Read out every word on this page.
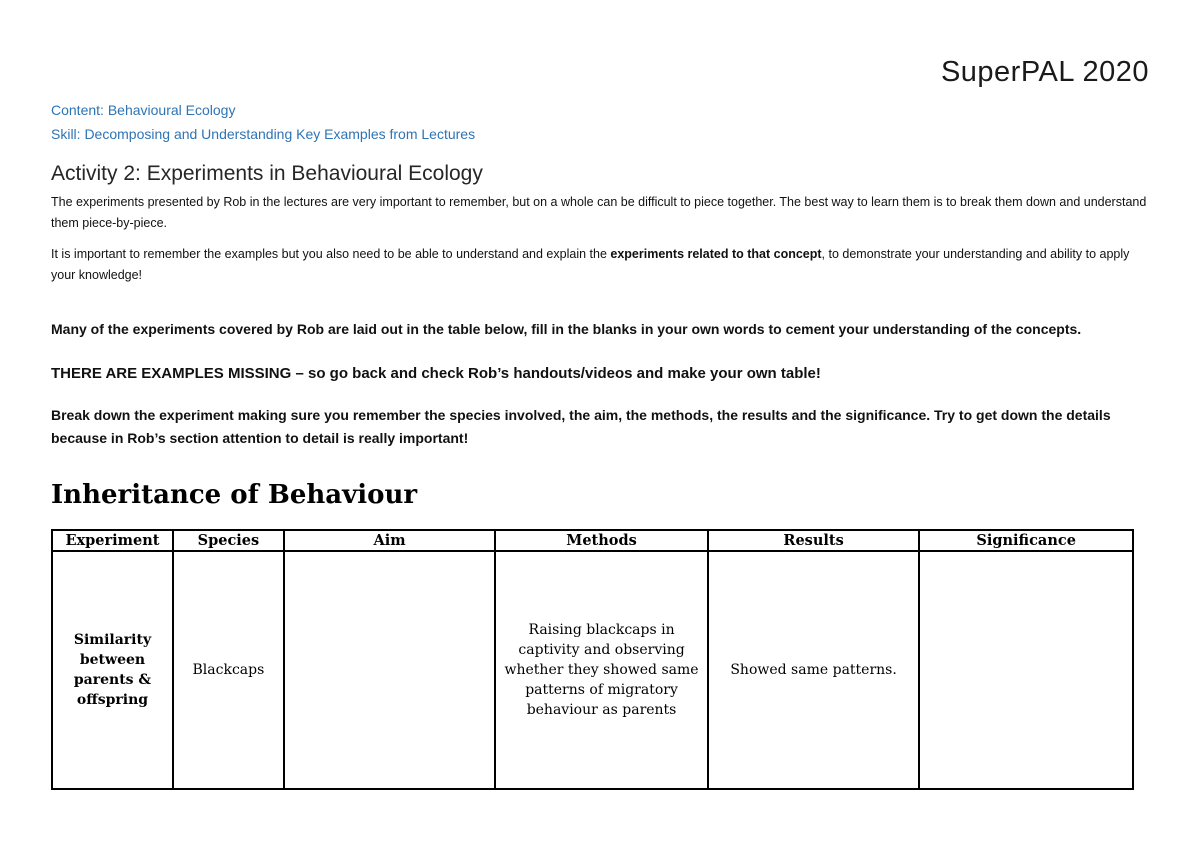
SuperPAL 2020
Content: Behavioural Ecology
Skill: Decomposing and Understanding Key Examples from Lectures
Activity 2: Experiments in Behavioural Ecology
The experiments presented by Rob in the lectures are very important to remember, but on a whole can be difficult to piece together. The best way to learn them is to break them down and understand them piece-by-piece.
It is important to remember the examples but you also need to be able to understand and explain the experiments related to that concept, to demonstrate your understanding and ability to apply your knowledge!
Many of the experiments covered by Rob are laid out in the table below, fill in the blanks in your own words to cement your understanding of the concepts.
THERE ARE EXAMPLES MISSING – so go back and check Rob’s handouts/videos and make your own table!
Break down the experiment making sure you remember the species involved, the aim, the methods, the results and the significance. Try to get down the details because in Rob’s section attention to detail is really important!
Inheritance of Behaviour
Experiment	Species	Aim	Methods	Results	Significance
Similarity between parents & offspring	Blackcaps		Raising blackcaps in captivity and observing whether they showed same patterns of migratory behaviour as parents	Showed same patterns.	
